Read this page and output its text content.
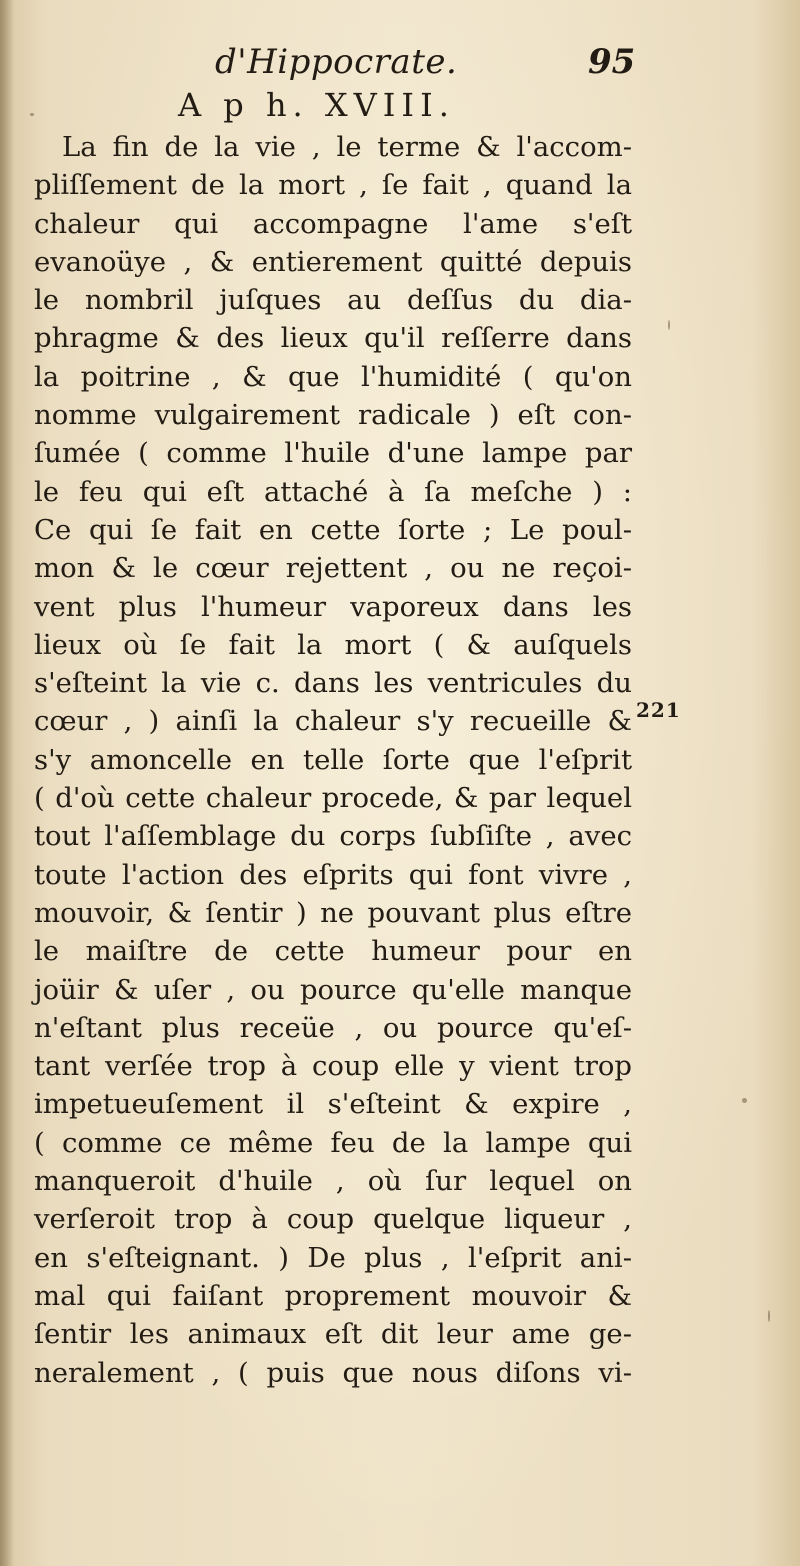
d'Hippocrate.	95
A p h. XVIII.
La fin de la vie , le terme & l'accom-
pliſſement de la mort , ſe fait , quand la
chaleur qui accompagne l'ame s'eſt
evanoüye , & entierement quitté depuis
le nombril juſques au deſſus du dia-
phragme & des lieux qu'il reſſerre dans
la poitrine , & que l'humidité ( qu'on
nomme vulgairement radicale ) eſt con-
ſumée ( comme l'huile d'une lampe par
le feu qui eſt attaché à ſa meſche ) :
Ce qui ſe fait en cette ſorte ; Le poul-
mon & le cœur rejettent , ou ne reçoi-
vent plus l'humeur vaporeux dans les
lieux où ſe fait la mort ( & auſquels
s'eſteint la vie c. dans les ventricules du
cœur , ) ainſi la chaleur s'y recueille &
s'y amoncelle en telle ſorte que l'eſprit
( d'où cette chaleur procede, & par lequel
tout l'aſſemblage du corps ſubſiſte , avec
toute l'action des eſprits qui font vivre ,
mouvoir, & ſentir ) ne pouvant plus eſtre
le maiſtre de cette humeur pour en
joüir & uſer , ou pource qu'elle manque
n'eſtant plus receüe , ou pource qu'eſ-
tant verſée trop à coup elle y vient trop
impetueuſement il s'eſteint & expire ,
( comme ce même feu de la lampe qui
manqueroit d'huile , où ſur lequel on
verſeroit trop à coup quelque liqueur ,
en s'eſteignant. ) De plus , l'eſprit ani-
mal qui faiſant proprement mouvoir &
ſentir les animaux eſt dit leur ame ge-
neralement , ( puis que nous diſons vi-
221
